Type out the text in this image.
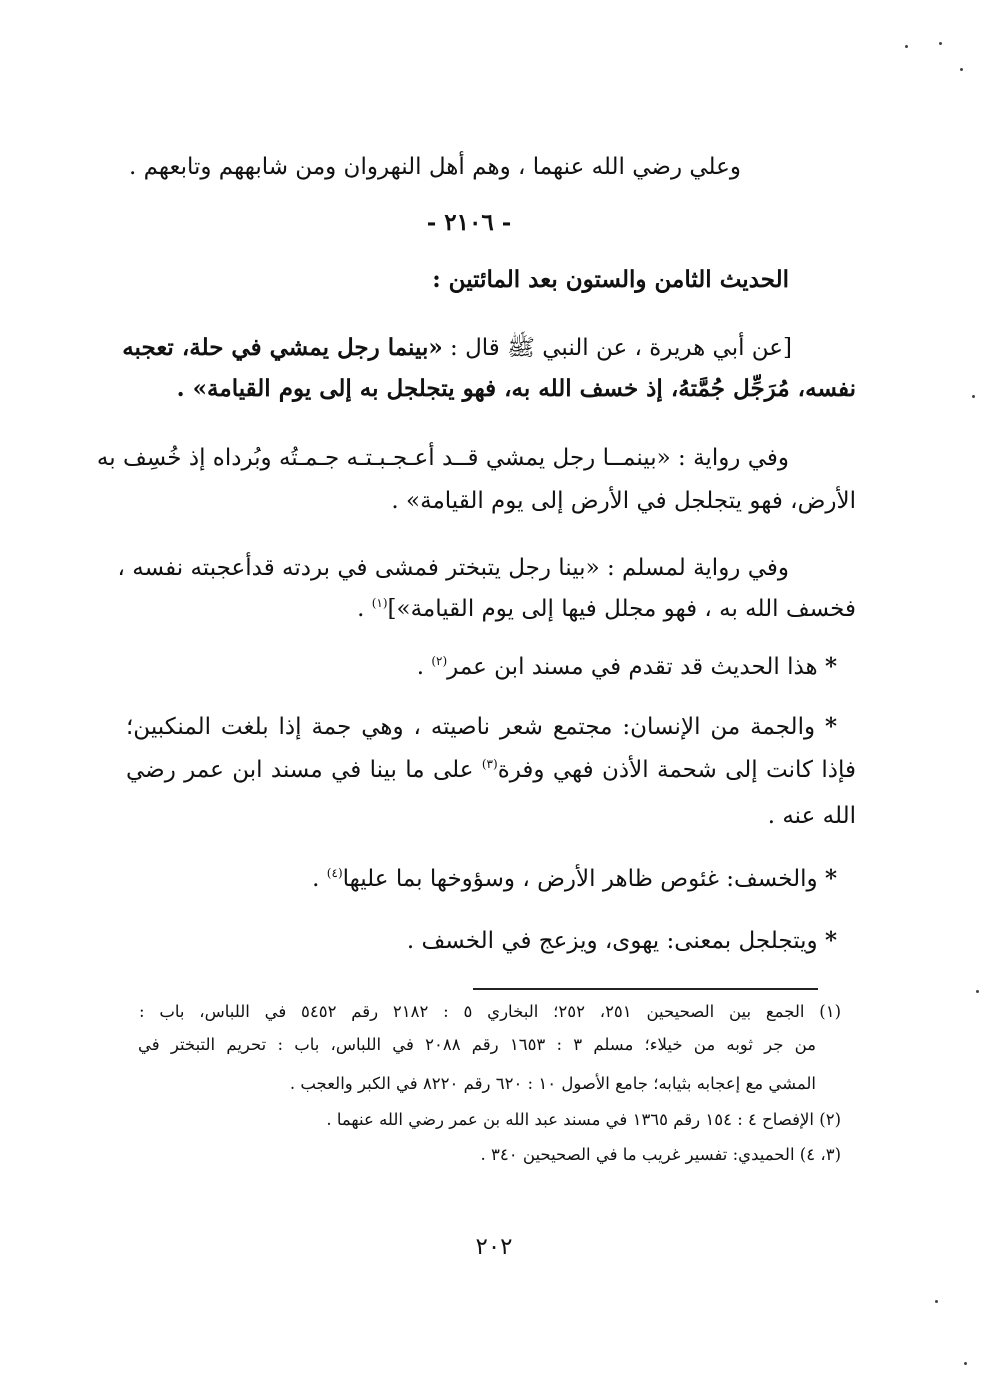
وعلي رضي الله عنهما ، وهم أهل النهروان ومن شابههم وتابعهم .
- ٢١٠٦ -
الحديث الثامن والستون بعد المائتين :
[عن أبي هريرة ، عن النبي ﷺ قال : «بينما رجل يمشي في حلة، تعجبه
نفسه، مُرَجِّل جُمَّتهُ، إذ خسف الله به، فهو يتجلجل به إلى يوم القيامة» .
وفي رواية : «بينمــا رجل يمشي قــد أعـجـبـتـه جـمـتُه وبُرداه إذ خُسِف به
الأرض، فهو يتجلجل في الأرض إلى يوم القيامة» .
وفي رواية لمسلم : «بينا رجل يتبختر فمشى في بردته قدأعجبته نفسه ،
فخسف الله به ، فهو مجلل فيها إلى يوم القيامة»]$^{(١)}$ .
* هذا الحديث قد تقدم في مسند ابن عمر$^{(٢)}$ .
* والجمة من الإنسان: مجتمع شعر ناصيته ، وهي جمة إذا بلغت المنكبين؛
فإذا كانت إلى شحمة الأذن فهي وفرة$^{(٣)}$ على ما بينا في مسند ابن عمر رضي
الله عنه .
* والخسف: غئوص ظاهر الأرض ، وسؤوخها بما عليها$^{(٤)}$ .
* ويتجلجل بمعنى: يهوى، ويزعج في الخسف .
(١) الجمع بين الصحيحين ٢٥١، ٢٥٢؛ البخاري ٥ : ٢١٨٢ رقم ٥٤٥٢ في اللباس، باب :
من جر ثوبه من خيلاء؛ مسلم ٣ : ١٦٥٣ رقم ٢٠٨٨ في اللباس، باب : تحريم التبختر في
المشي مع إعجابه بثيابه؛ جامع الأصول ١٠ : ٦٢٠ رقم ٨٢٢٠ في الكبر والعجب .
(٢) الإفصاح ٤ : ١٥٤ رقم ١٣٦٥ في مسند عبد الله بن عمر رضي الله عنهما .
(٣، ٤) الحميدي: تفسير غريب ما في الصحيحين ٣٤٠ .
٢٠٢
